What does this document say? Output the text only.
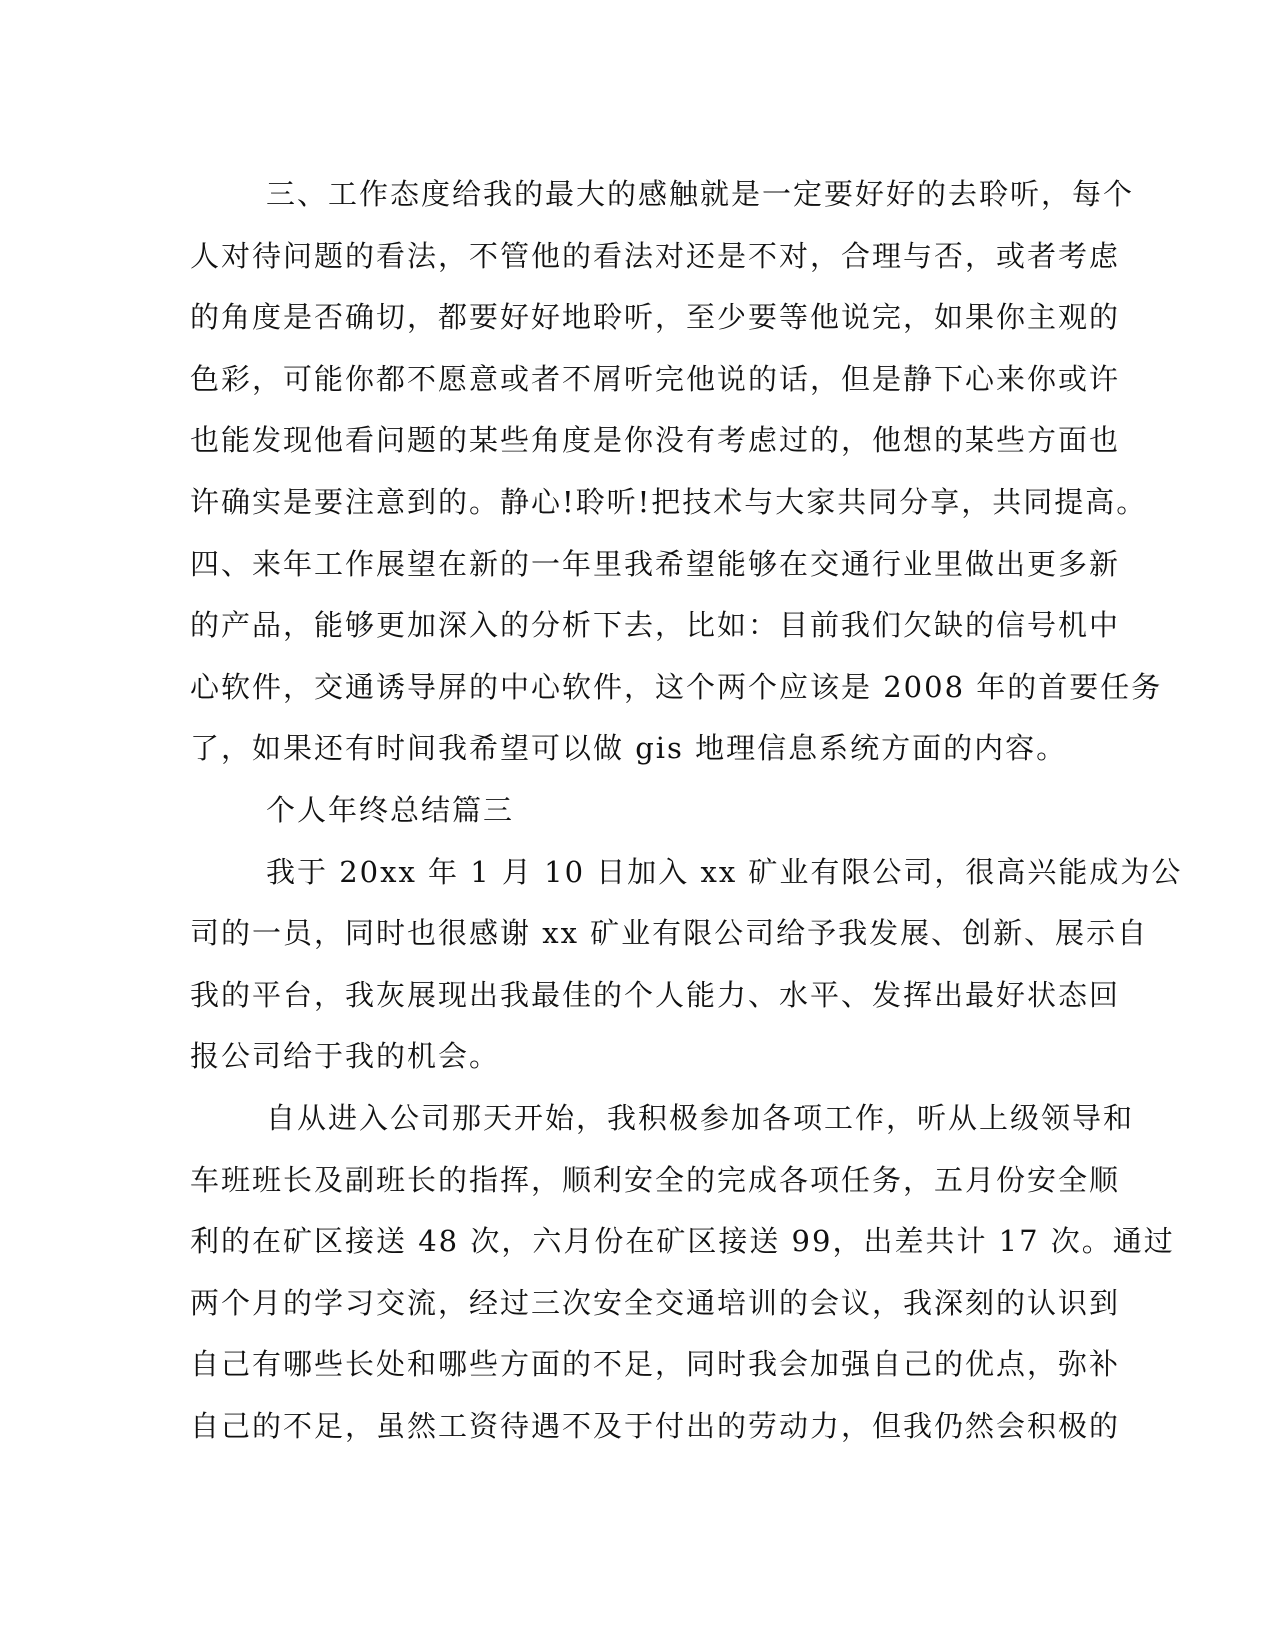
三、工作态度给我的最大的感触就是一定要好好的去聆听，每个
人对待问题的看法，不管他的看法对还是不对，合理与否，或者考虑
的角度是否确切，都要好好地聆听，至少要等他说完，如果你主观的
色彩，可能你都不愿意或者不屑听完他说的话，但是静下心来你或许
也能发现他看问题的某些角度是你没有考虑过的，他想的某些方面也
许确实是要注意到的。静心!聆听!把技术与大家共同分享，共同提高。
四、来年工作展望在新的一年里我希望能够在交通行业里做出更多新
的产品，能够更加深入的分析下去，比如：目前我们欠缺的信号机中
心软件，交通诱导屏的中心软件，这个两个应该是 2008 年的首要任务
了，如果还有时间我希望可以做 gis 地理信息系统方面的内容。
个人年终总结篇三
我于 20xx 年 1 月 10 日加入 xx 矿业有限公司，很高兴能成为公
司的一员，同时也很感谢 xx 矿业有限公司给予我发展、创新、展示自
我的平台，我灰展现出我最佳的个人能力、水平、发挥出最好状态回
报公司给于我的机会。
自从进入公司那天开始，我积极参加各项工作，听从上级领导和
车班班长及副班长的指挥，顺利安全的完成各项任务，五月份安全顺
利的在矿区接送 48 次，六月份在矿区接送 99，出差共计 17 次。通过
两个月的学习交流，经过三次安全交通培训的会议，我深刻的认识到
自己有哪些长处和哪些方面的不足，同时我会加强自己的优点，弥补
自己的不足，虽然工资待遇不及于付出的劳动力，但我仍然会积极的
